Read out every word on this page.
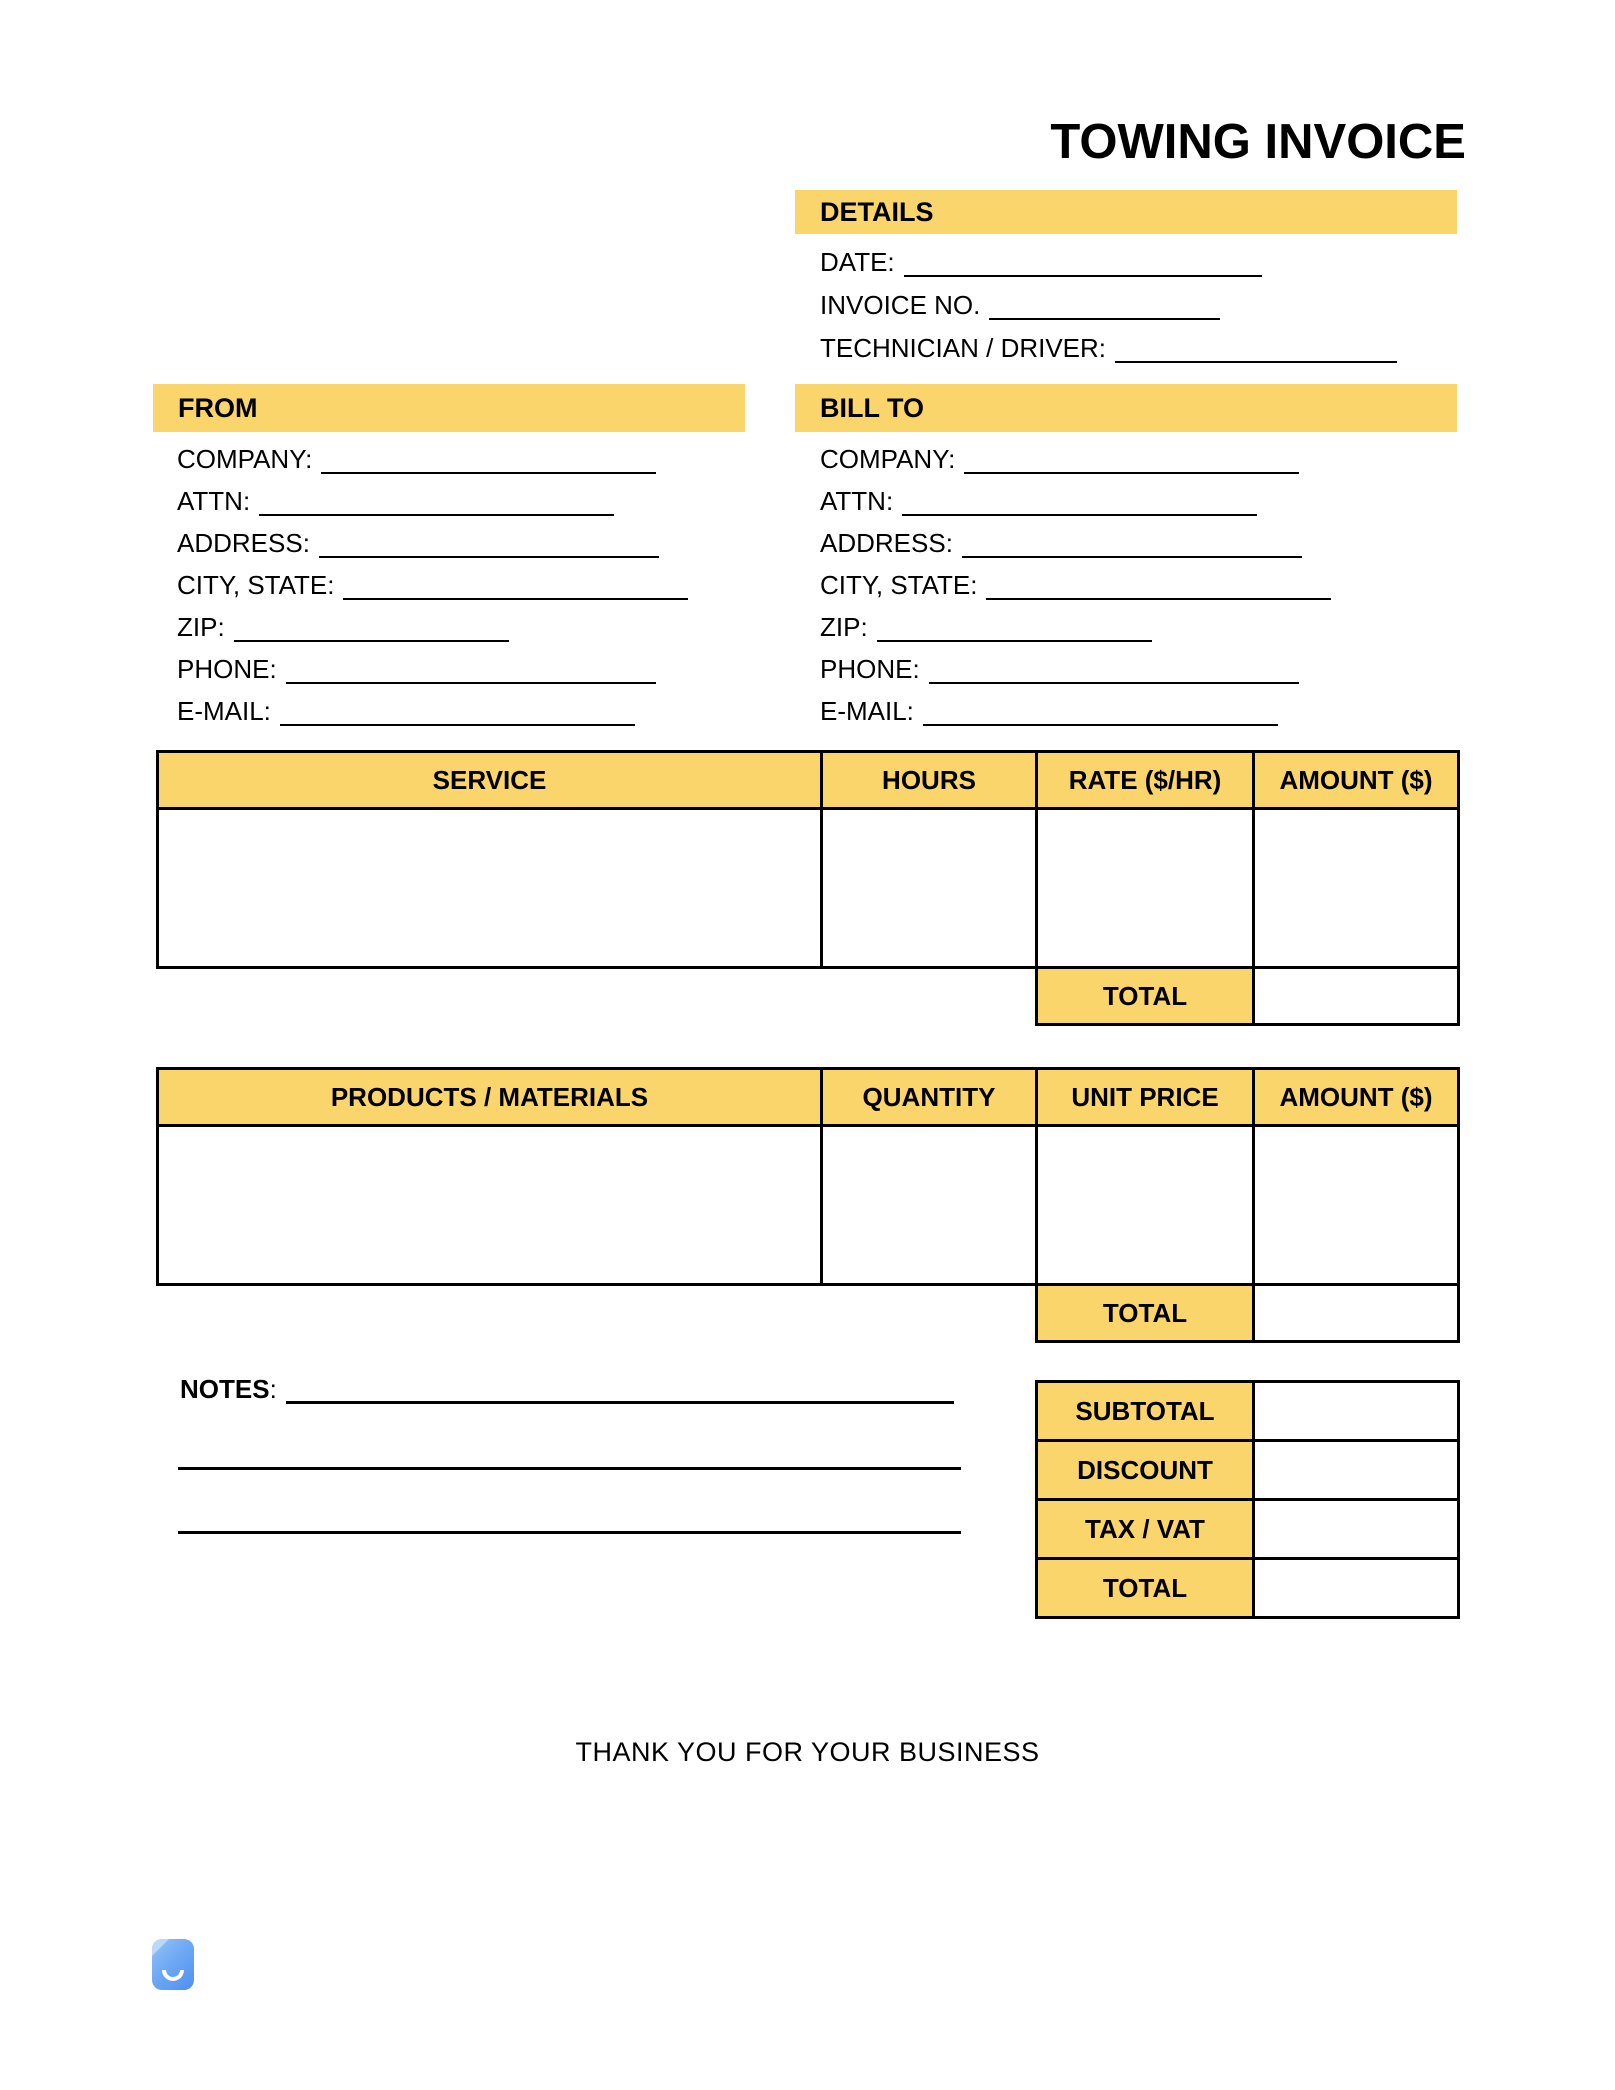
TOWING INVOICE
DETAILS
DATE:
INVOICE NO.
TECHNICIAN / DRIVER:
FROM
COMPANY:
ATTN:
ADDRESS:
CITY, STATE:
ZIP:
PHONE:
E-MAIL:
BILL TO
COMPANY:
ATTN:
ADDRESS:
CITY, STATE:
ZIP:
PHONE:
E-MAIL:
SERVICE	HOURS	RATE ($/HR)	AMOUNT ($)

		TOTAL	
PRODUCTS / MATERIALS	QUANTITY	UNIT PRICE	AMOUNT ($)

		TOTAL	
NOTES:
SUBTOTAL	
DISCOUNT	
TAX / VAT	
TOTAL	
THANK YOU FOR YOUR BUSINESS
